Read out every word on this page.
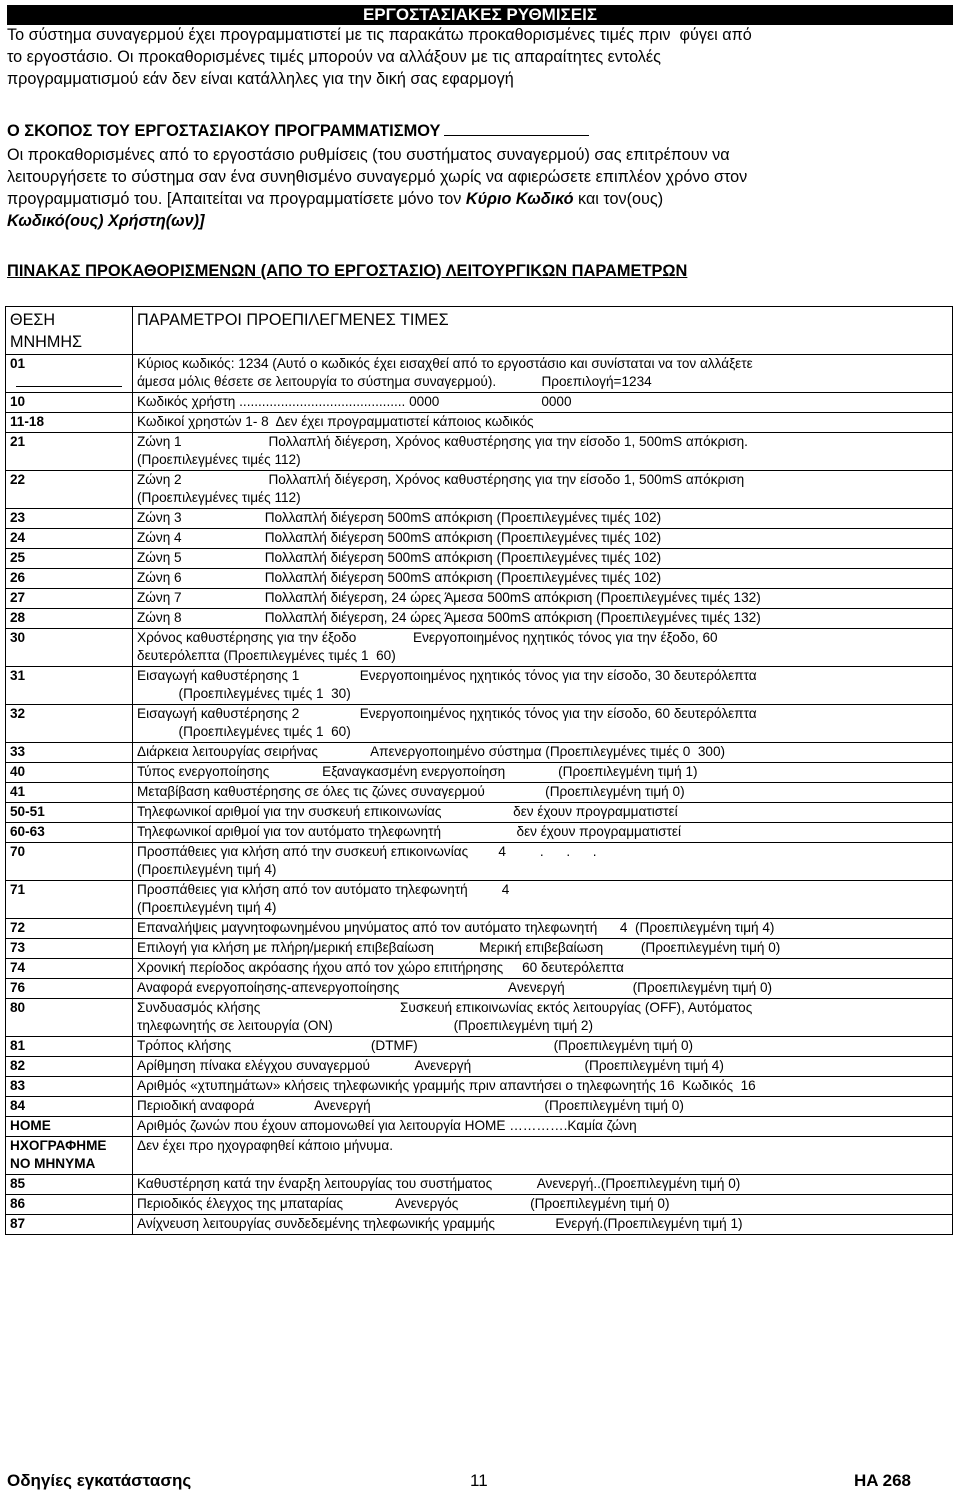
ΕΡΓΟΣΤΑΣΙΑΚΕΣ ΡΥΘΜΙΣΕΙΣ
Το σύστημα συναγερμού έχει προγραμματιστεί με τις παρακάτω προκαθορισμένες τιμές πριν  φύγει από
το εργοστάσιο. Οι προκαθορισμένες τιμές μπορούν να αλλάξουν με τις απαραίτητες εντολές
προγραμματισμού εάν δεν είναι κατάλληλες για την δική σας εφαρμογή
Ο ΣΚΟΠΟΣ ΤΟΥ ΕΡΓΟΣΤΑΣΙΑΚΟΥ ΠΡΟΓΡΑΜΜΑΤΙΣΜΟΥ
Οι προκαθορισμένες από το εργοστάσιο ρυθμίσεις (του συστήματος συναγερμού) σας επιτρέπουν να
λειτουργήσετε το σύστημα σαν ένα συνηθισμένο συναγερμό χωρίς να αφιερώσετε επιπλέον χρόνο στον
προγραμματισμό του. [Απαιτείται να προγραμματίσετε μόνο τον Κύριο Κωδικό και τον(ους)
Κωδικό(ους) Χρήστη(ων)]
ΠΙΝΑΚΑΣ ΠΡΟΚΑΘΟΡΙΣΜΕΝΩΝ (ΑΠΟ ΤΟ ΕΡΓΟΣΤΑΣΙΟ) ΛΕΙΤΟΥΡΓΙΚΩΝ ΠΑΡΑΜΕΤΡΩΝ
ΘΕΣΗ
ΜΝΗΜΗΣ	ΠΑΡΑΜΕΤΡΟΙ ΠΡΟΕΠΙΛΕΓΜΕΝΕΣ ΤΙΜΕΣ
01	Κύριος κωδικός: 1234 (Αυτό ο κωδικός έχει εισαχθεί από το εργοστάσιο και συνίσταται να τον αλλάξετε
άμεσα μόλις θέσετε σε λειτουργία το σύστημα συναγερμού).            Προεπιλογή=1234

10	Κωδικός χρήστη ............................................ 0000                           0000

11-18	Κωδικοί χρηστών 1- 8  Δεν έχει προγραμματιστεί κάποιος κωδικός

21	Ζώνη 1                       Πολλαπλή διέγερση, Χρόνος καθυστέρησης για την είσοδο 1, 500mS απόκριση.
(Προεπιλεγμένες τιμές 112)

22	Ζώνη 2                       Πολλαπλή διέγερση, Χρόνος καθυστέρησης για την είσοδο 1, 500mS απόκριση
(Προεπιλεγμένες τιμές 112)

23	Ζώνη 3                      Πολλαπλή διέγερση 500mS απόκριση (Προεπιλεγμένες τιμές 102)

24	Ζώνη 4                      Πολλαπλή διέγερση 500mS απόκριση (Προεπιλεγμένες τιμές 102)

25	Ζώνη 5                      Πολλαπλή διέγερση 500mS απόκριση (Προεπιλεγμένες τιμές 102)

26	Ζώνη 6                      Πολλαπλή διέγερση 500mS απόκριση (Προεπιλεγμένες τιμές 102)

27	Ζώνη 7                      Πολλαπλή διέγερση, 24 ώρες Άμεσα 500mS απόκριση (Προεπιλεγμένες τιμές 132)

28	Ζώνη 8                      Πολλαπλή διέγερση, 24 ώρες Άμεσα 500mS απόκριση (Προεπιλεγμένες τιμές 132)

30	Χρόνος καθυστέρησης για την έξοδο               Ενεργοποιημένος ηχητικός τόνος για την έξοδο, 60
δευτερόλεπτα (Προεπιλεγμένες τιμές 1  60)

31	Εισαγωγή καθυστέρησης 1                Ενεργοποιημένος ηχητικός τόνος για την είσοδο, 30 δευτερόλεπτα
(Προεπιλεγμένες τιμές 1  30)

32	Εισαγωγή καθυστέρησης 2                Ενεργοποιημένος ηχητικός τόνος για την είσοδο, 60 δευτερόλεπτα
(Προεπιλεγμένες τιμές 1  60)

33	Διάρκεια λειτουργίας σειρήνας              Απενεργοποιημένο σύστημα (Προεπιλεγμένες τιμές 0  300)

40	Τύπος ενεργοποίησης              Εξαναγκασμένη ενεργοποίηση              (Προεπιλεγμένη τιμή 1)

41	Μεταβίβαση καθυστέρησης σε όλες τις ζώνες συναγερμού                (Προεπιλεγμένη τιμή 0)

50-51	Τηλεφωνικοί αριθμοί για την συσκευή επικοινωνίας                   δεν έχουν προγραμματιστεί

60-63	Τηλεφωνικοί αριθμοί για τον αυτόματο τηλεφωνητή                    δεν έχουν προγραμματιστεί

70	Προσπάθειες για κλήση από την συσκευή επικοινωνίας        4         .      .      .
(Προεπιλεγμένη τιμή 4)

71	Προσπάθειες για κλήση από τον αυτόματο τηλεφωνητή         4
(Προεπιλεγμένη τιμή 4)

72	Επαναλήψεις μαγνητοφωνημένου μηνύματος από τον αυτόματο τηλεφωνητή      4  (Προεπιλεγμένη τιμή 4)

73	Επιλογή για κλήση με πλήρη/μερική επιβεβαίωση            Μερική επιβεβαίωση          (Προεπιλεγμένη τιμή 0)

74	Χρονική περίοδος ακρόασης ήχου από τον χώρο επιτήρησης     60 δευτερόλεπτα

76	Αναφορά ενεργοποίησης-απενεργοποίησης                             Ανενεργή                  (Προεπιλεγμένη τιμή 0)

80	Συνδυασμός κλήσης                                     Συσκευή επικοινωνίας εκτός λειτουργίας (OFF), Αυτόματος
τηλεφωνητής σε λειτουργία (ON)                                (Προεπιλεγμένη τιμή 2)

81	Τρόπος κλήσης                                     (DTMF)                                    (Προεπιλεγμένη τιμή 0)

82	Αρίθμηση πίνακα ελέγχου συναγερμού            Ανενεργή                              (Προεπιλεγμένη τιμή 4)

83	Αριθμός «χτυπημάτων» κλήσεις τηλεφωνικής γραμμής πριν απαντήσει ο τηλεφωνητής 16  Κωδικός  16

84	Περιοδική αναφορά                Ανενεργή                                              (Προεπιλεγμένη τιμή 0)

HOME	Αριθμός ζωνών που έχουν απομονωθεί για λειτουργία HOME ………….Καμία ζώνη

ΗΧΟΓΡΑΦΗΜΕ
ΝΟ ΜΗΝΥΜΑ	Δεν έχει προ ηχογραφηθεί κάποιο μήνυμα.

85	Καθυστέρηση κατά την έναρξη λειτουργίας του συστήματος            Ανενεργή..(Προεπιλεγμένη τιμή 0)

86	Περιοδικός έλεγχος της μπαταρίας              Ανενεργός                   (Προεπιλεγμένη τιμή 0)

87	Ανίχνευση λειτουργίας συνδεδεμένης τηλεφωνικής γραμμής                Ενεργή.(Προεπιλεγμένη τιμή 1)
Οδηγίες εγκατάστασης	11	HA 268
